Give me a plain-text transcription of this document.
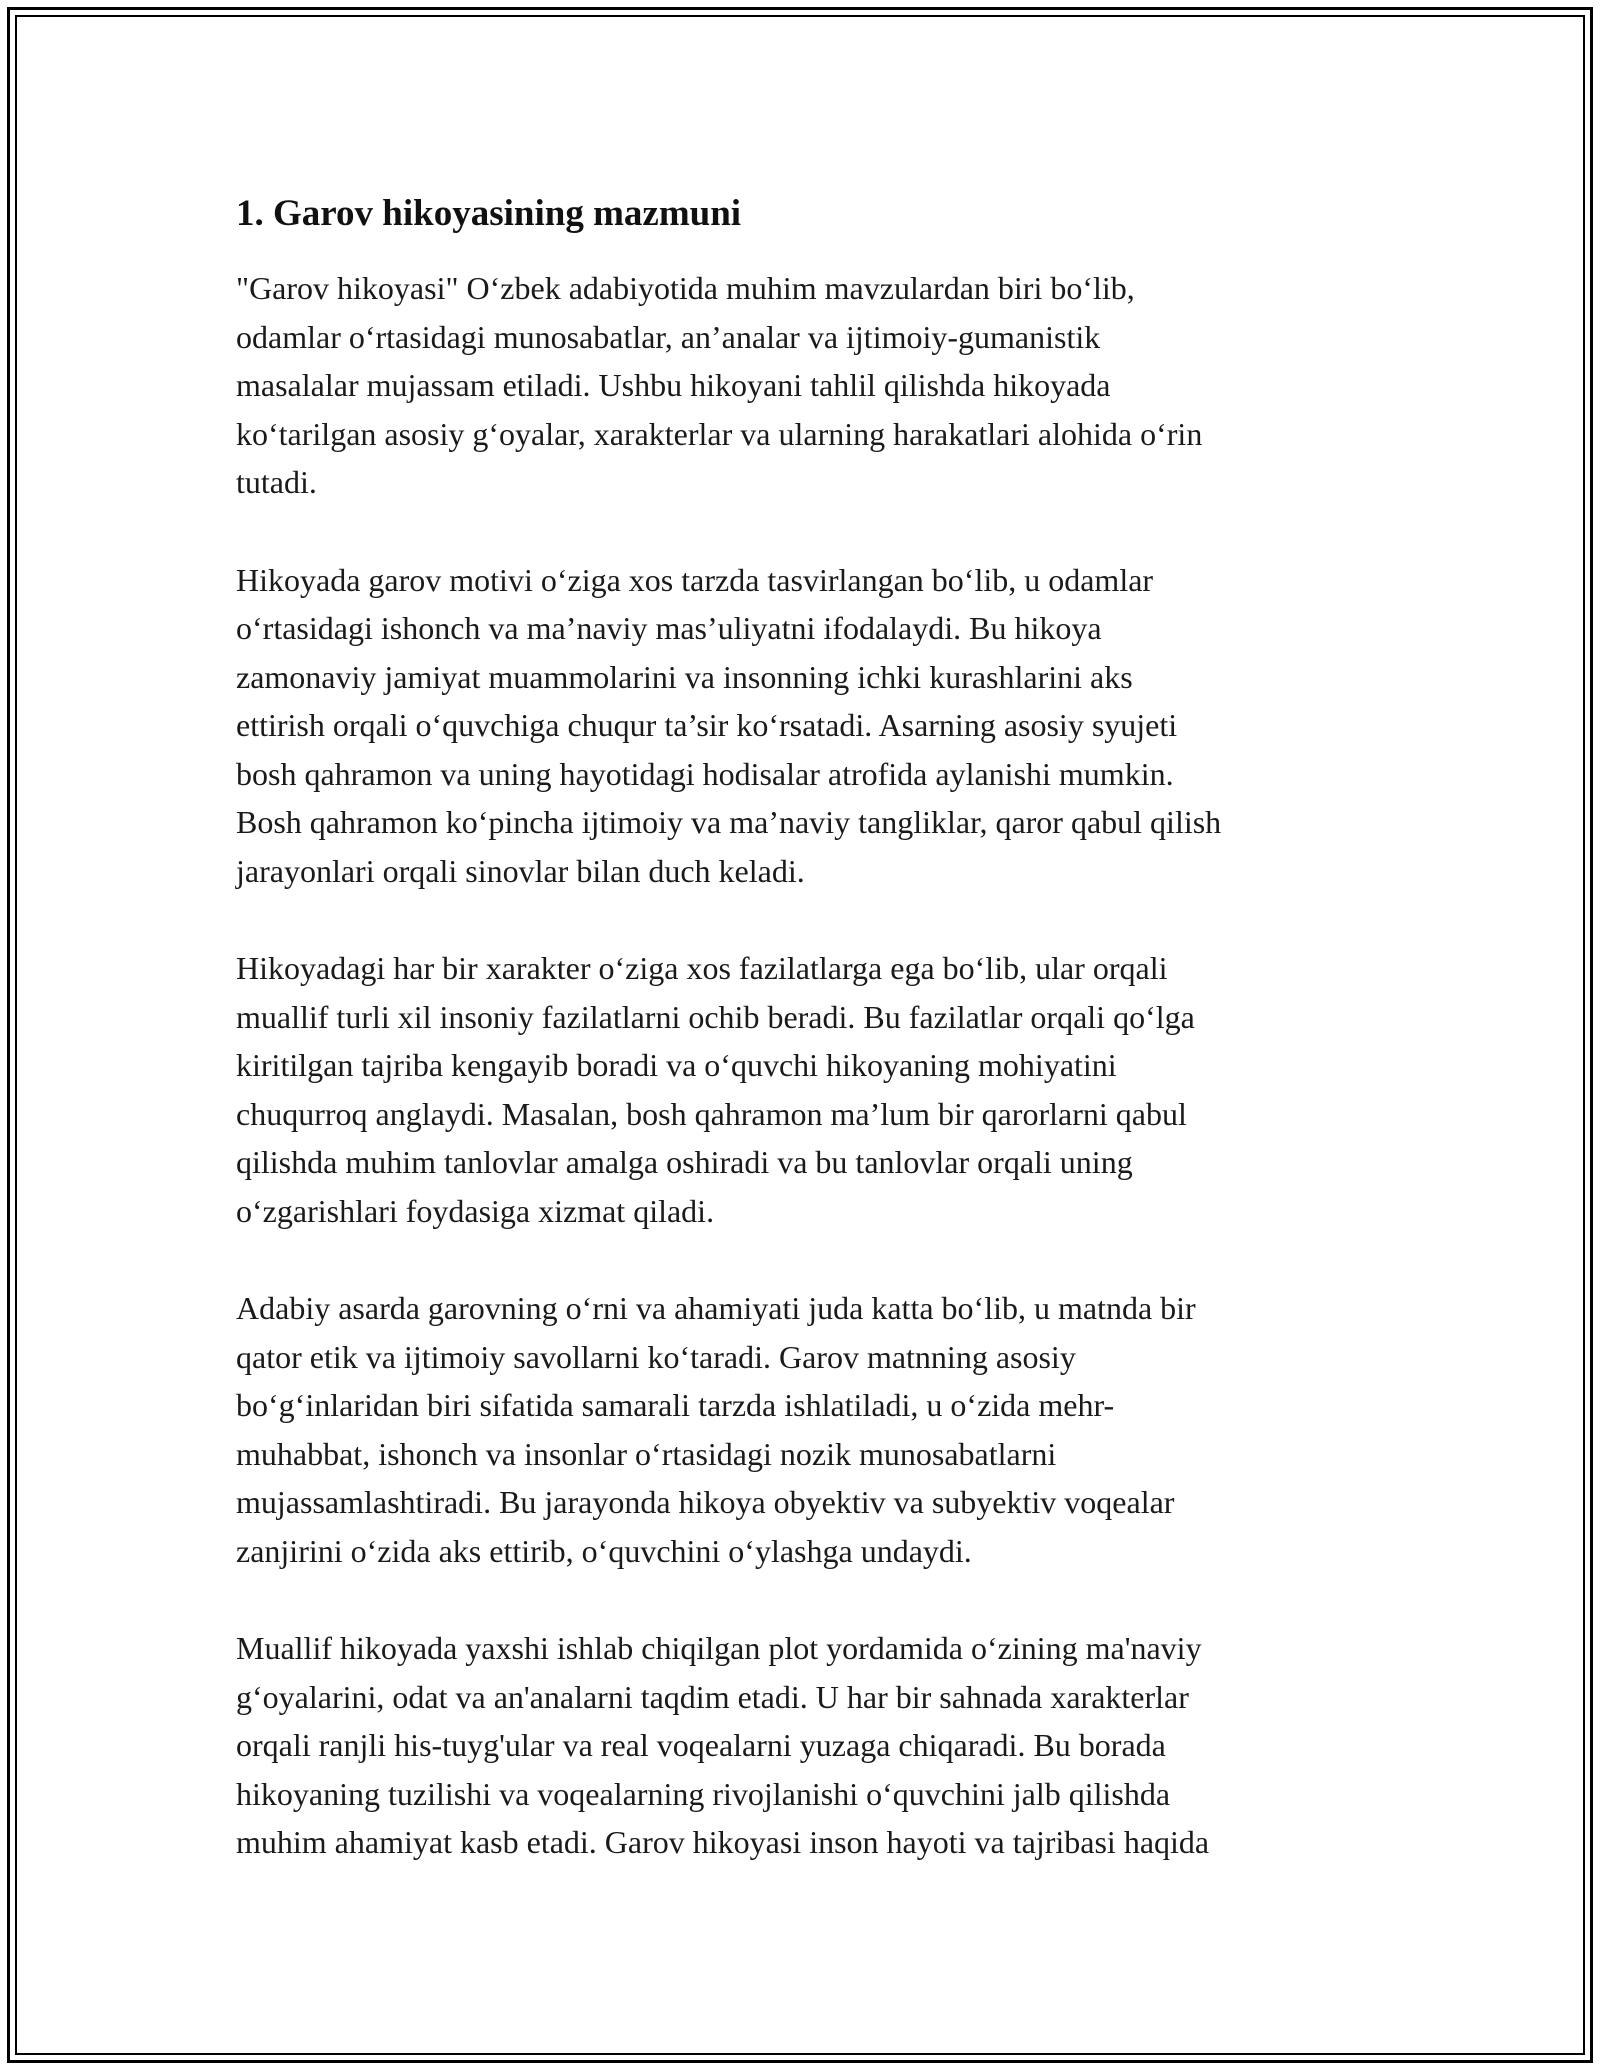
1. Garov hikoyasining mazmuni

"Garov hikoyasi" O‘zbek adabiyotida muhim mavzulardan biri bo‘lib,
odamlar o‘rtasidagi munosabatlar, an’analar va ijtimoiy-gumanistik
masalalar mujassam etiladi. Ushbu hikoyani tahlil qilishda hikoyada
ko‘tarilgan asosiy g‘oyalar, xarakterlar va ularning harakatlari alohida o‘rin
tutadi.

Hikoyada garov motivi o‘ziga xos tarzda tasvirlangan bo‘lib, u odamlar
o‘rtasidagi ishonch va ma’naviy mas’uliyatni ifodalaydi. Bu hikoya
zamonaviy jamiyat muammolarini va insonning ichki kurashlarini aks
ettirish orqali o‘quvchiga chuqur ta’sir ko‘rsatadi. Asarning asosiy syujeti
bosh qahramon va uning hayotidagi hodisalar atrofida aylanishi mumkin.
Bosh qahramon ko‘pincha ijtimoiy va ma’naviy tangliklar, qaror qabul qilish
jarayonlari orqali sinovlar bilan duch keladi.

Hikoyadagi har bir xarakter o‘ziga xos fazilatlarga ega bo‘lib, ular orqali
muallif turli xil insoniy fazilatlarni ochib beradi. Bu fazilatlar orqali qo‘lga
kiritilgan tajriba kengayib boradi va o‘quvchi hikoyaning mohiyatini
chuqurroq anglaydi. Masalan, bosh qahramon ma’lum bir qarorlarni qabul
qilishda muhim tanlovlar amalga oshiradi va bu tanlovlar orqali uning
o‘zgarishlari foydasiga xizmat qiladi.

Adabiy asarda garovning o‘rni va ahamiyati juda katta bo‘lib, u matnda bir
qator etik va ijtimoiy savollarni ko‘taradi. Garov matnning asosiy
bo‘g‘inlaridan biri sifatida samarali tarzda ishlatiladi, u o‘zida mehr-
muhabbat, ishonch va insonlar o‘rtasidagi nozik munosabatlarni
mujassamlashtiradi. Bu jarayonda hikoya obyektiv va subyektiv voqealar
zanjirini o‘zida aks ettirib, o‘quvchini o‘ylashga undaydi.

Muallif hikoyada yaxshi ishlab chiqilgan plot yordamida o‘zining ma'naviy
g‘oyalarini, odat va an'analarni taqdim etadi. U har bir sahnada xarakterlar
orqali ranjli his-tuyg'ular va real voqealarni yuzaga chiqaradi. Bu borada
hikoyaning tuzilishi va voqealarning rivojlanishi o‘quvchini jalb qilishda
muhim ahamiyat kasb etadi. Garov hikoyasi inson hayoti va tajribasi haqida
